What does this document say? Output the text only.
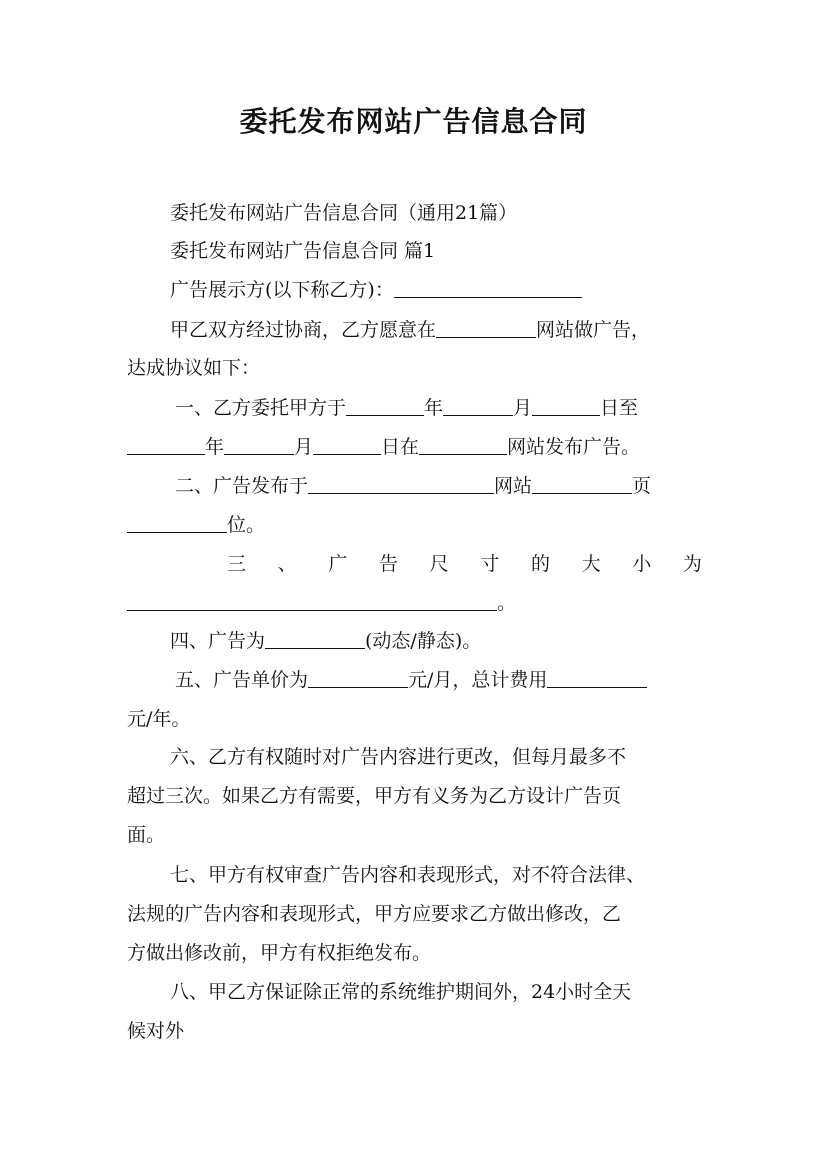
委托发布网站广告信息合同
委托发布网站广告信息合同（通用21篇）
委托发布网站广告信息合同 篇1
广告展示方(以下称乙方)：
甲乙双方经过协商，乙方愿意在	网站做广告，
达成协议如下：
一、乙方委托甲方于	年	月	日至
年	月	日在	网站发布广告。
二、广告发布于	网站	页
位。
三 、 广 告 尺 寸 的 大 小 为
。
四、广告为	(动态/静态)。
五、广告单价为	元/月，总计费用
元/年。
六、乙方有权随时对广告内容进行更改，但每月最多不
超过三次。如果乙方有需要，甲方有义务为乙方设计广告页
面。
七、甲方有权审查广告内容和表现形式，对不符合法律、
法规的广告内容和表现形式，甲方应要求乙方做出修改，乙
方做出修改前，甲方有权拒绝发布。
八、甲乙方保证除正常的系统维护期间外，24小时全天
候对外
